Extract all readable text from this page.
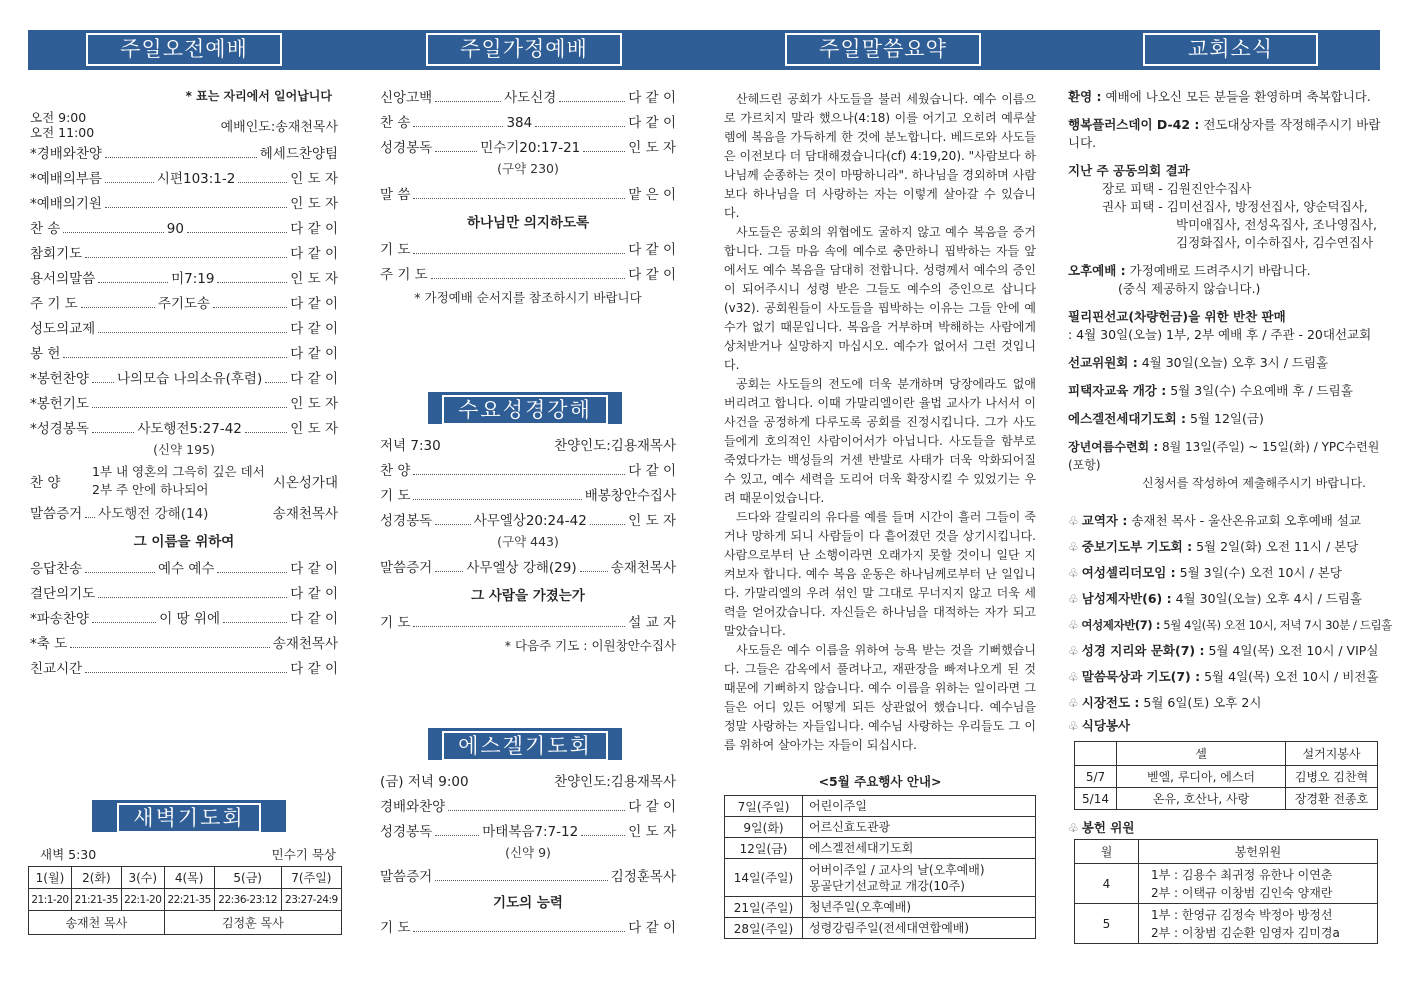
주일오전예배	주일가정예배	주일말씀요약	교회소식
* 표는 자리에서 일어납니다
오전 9:00
오전 11:00	예배인도:송재천목사
*경배와찬양	헤세드찬양팀
*예배의부름	시편103:1-2	인 도 자
*예배의기원	인 도 자
찬 송	90	다 같 이
참회기도	다 같 이
용서의말씀	미7:19	인 도 자
주 기 도	주기도송	다 같 이
성도의교제	다 같 이
봉 헌	다 같 이
*봉헌찬양 나의모습 나의소유(후렴) 다 같 이
*봉헌기도	인 도 자
*성경봉독	사도행전5:27-42	인 도 자
(신약 195)
찬 양
1부 내 영혼의 그윽히 깊은 데서
2부 주 안에 하나되어	시온성가대
말씀증거 사도행전 강해(14)	송재천목사
그 이름을 위하여
응답찬송	예수 예수	다 같 이
결단의기도	다 같 이
*파송찬양	이 땅 위에	다 같 이
*축 도	송재천목사
친교시간	다 같 이
새벽기도회
새벽 5:30	민수기 묵상
1(월)	2(화)	3(수)	4(목)	5(금)	7(주일)
21:1-20	21:21-35	22:1-20	22:21-35	22:36-23:12	23:27-24:9
송재천 목사			김정훈 목사		
신앙고백	사도신경	다 같 이
찬 송	384	다 같 이
성경봉독	민수기20:17-21	인 도 자
(구약 230)
말 씀	맡 은 이
하나님만 의지하도록
기 도	다 같 이
주 기 도	다 같 이
* 가정예배 순서지를 참조하시기 바랍니다
수요성경강해
저녁 7:30	찬양인도:김용재목사
찬 양	다 같 이
기 도	배봉창안수집사
성경봉독	사무엘상20:24-42	인 도 자
(구약 443)
말씀증거	사무엘상 강해(29)	송재천목사
그 사람을 가졌는가
기 도	설 교 자
* 다음주 기도 : 이원창안수집사
에스겔기도회
(금) 저녁 9:00	찬양인도:김용재목사
경배와찬양	다 같 이
성경봉독	마태복음7:7-12	인 도 자
(신약 9)
말씀증거	김정훈목사
기도의 능력
기 도	다 같 이

산헤드린 공회가 사도들을 불러 세웠습니다. 예수 이름으로 가르치지 말라 했으나(4:18) 이를 어기고 오히려 예루살렘에 복음을 가득하게 한 것에 분노합니다. 베드로와 사도들은 이전보다 더 담대해졌습니다(cf) 4:19,20). "사람보다 하나님께 순종하는 것이 마땅하니라". 하나님을 경외하며 사람보다 하나님을 더 사랑하는 자는 이렇게 살아갈 수 있습니다.

사도들은 공회의 위협에도 굴하지 않고 예수 복음을 증거합니다. 그들 마음 속에 예수로 충만하니 핍박하는 자들 앞에서도 예수 복음을 담대히 전합니다. 성령께서 예수의 증인이 되어주시니 성령 받은 그들도 예수의 증인으로 삽니다(v32). 공회원들이 사도들을 핍박하는 이유는 그들 안에 예수가 없기 때문입니다. 복음을 거부하며 박해하는 사람에게 상처받거나 실망하지 마십시오. 예수가 없어서 그런 것입니다.

공회는 사도들의 전도에 더욱 분개하며 당장에라도 없애버리려고 합니다. 이때 가말리엘이란 율법 교사가 나서서 이 사건을 공정하게 다루도록 공회를 진정시킵니다. 그가 사도들에게 호의적인 사람이어서가 아닙니다. 사도들을 함부로 죽였다가는 백성들의 거센 반발로 사태가 더욱 악화되어질 수 있고, 예수 세력을 도리어 더욱 확장시킬 수 있었기는 우려 때문이었습니다.

드다와 갈릴리의 유다를 예를 들며 시간이 흘러 그들이 죽거나 망하게 되니 사람들이 다 흩어졌던 것을 상기시킵니다. 사람으로부터 난 소행이라면 오래가지 못할 것이니 일단 지켜보자 합니다. 예수 복음 운동은 하나님께로부터 난 일입니다. 가말리엘의 우려 섞인 말 그대로 무너지지 않고 더욱 세력을 얻어갔습니다. 자신들은 하나님을 대적하는 자가 되고 말았습니다.

사도들은 예수 이름을 위하여 능욕 받는 것을 기뻐했습니다. 그들은 감옥에서 풀려나고, 재판장을 빠져나오게 된 것 때문에 기뻐하지 않습니다. 예수 이름을 위하는 일이라면 그들은 어디 있든 어떻게 되든 상관없어 했습니다. 예수님을 정말 사랑하는 자들입니다. 예수님 사랑하는 우리들도 그 이름 위하여 살아가는 자들이 되십시다.

<5월 주요행사 안내>
7일(주일)	어린이주일

9일(화)	어르신효도관광

12일(금)	에스겔전세대기도회

14일(주일)	어버이주일 / 교사의 날(오후예배)
몽골단기선교학교 개강(10주)

21일(주일)	청년주일(오후예배)

28일(주일)	성령강림주일(전세대연합예배)

환영 : 예배에 나오신 모든 분들을 환영하며 축복합니다.

행복플러스데이 D-42 : 전도대상자를 작정해주시기 바랍니다.

지난 주 공동의회 결과

장로 피택 - 김원진안수집사

권사 피택 - 김미선집사, 방정선집사, 양순덕집사,

박미애집사, 전성옥집사, 조나영집사,

김정화집사, 이수하집사, 김수연집사

오후예배 : 가정예배로 드려주시기 바랍니다.

(중식 제공하지 않습니다.)

필리핀선교(차량헌금)을 위한 반찬 판매

: 4월 30일(오늘) 1부, 2부 예배 후 / 주관 - 20대선교회

선교위원회 : 4월 30일(오늘) 오후 3시 / 드림홀

피택자교육 개강 : 5월 3일(수) 수요예배 후 / 드림홀

에스겔전세대기도회 : 5월 12일(금)

장년여름수련회 : 8월 13일(주일) ~ 15일(화) / YPC수련원(포항)

신청서를 작성하여 제출해주시기 바랍니다.

♧ 교역자 : 송재천 목사 - 울산온유교회 오후예배 설교
♧ 중보기도부 기도회 : 5월 2일(화) 오전 11시 / 본당
♧ 여성셀리더모임 : 5월 3일(수) 오전 10시 / 본당
♧ 남성제자반(6) : 4월 30일(오늘) 오후 4시 / 드림홀
♧ 여성제자반(7) : 5월 4일(목) 오전 10시, 저녁 7시 30분 / 드림홀
♧ 성경 지리와 문화(7) : 5월 4일(목) 오전 10시 / VIP실
♧ 말씀묵상과 기도(7) : 5월 4일(목) 오전 10시 / 비전홀
♧ 시장전도 : 5월 6일(토) 오후 2시
♧ 식당봉사
	셀	설거지봉사
5/7	벧엘, 루디아, 에스더	김병오 김찬혁
5/14	온유, 호산나, 사랑	장경환 전종호
♧ 봉헌 위원
월	봉헌위원
4	1부 : 김용수 최귀정 유한나 이연춘
2부 : 이택규 이창범 김인숙 양재란

5	1부 : 한영규 김정숙 박정아 방정선
2부 : 이창범 김순환 임영자 김미경a
